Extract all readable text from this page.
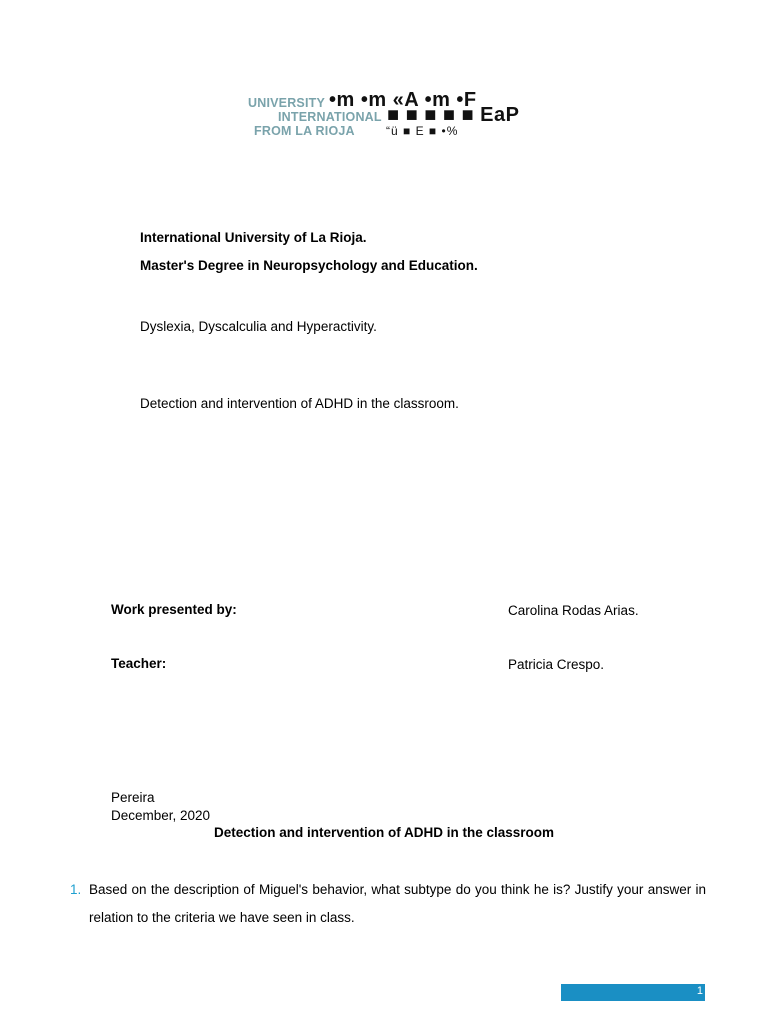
UNIVERSITY
INTERNATIONAL
FROM LA RIOJA
•m •m «A •m •F
■ ■ ■ ■ ■ EaP
“ü ■ E ■ •%
International University of La Rioja.
Master's Degree in Neuropsychology and Education.
Dyslexia, Dyscalculia and Hyperactivity.
Detection and intervention of ADHD in the classroom.
Work presented by:	Carolina Rodas Arias.
Teacher:	Patricia Crespo.
Pereira
December, 2020
Detection and intervention of ADHD in the classroom
1. Based on the description of Miguel's behavior, what subtype do you think he is? Justify your answer in relation to the criteria we have seen in class.
1
